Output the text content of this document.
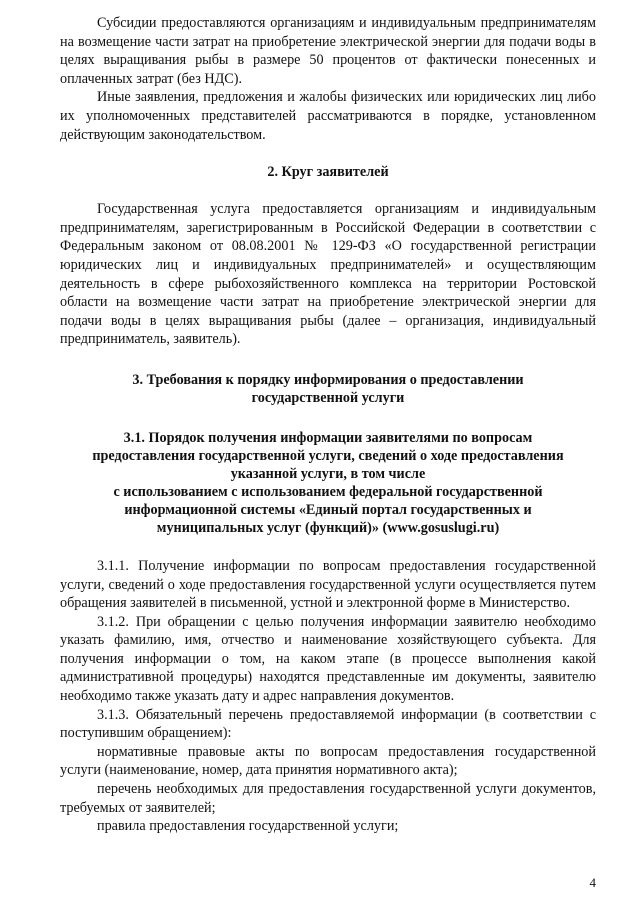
Субсидии предоставляются организациям и индивидуальным предпринимателям на возмещение части затрат на приобретение электрической энергии для подачи воды в целях выращивания рыбы в размере 50 процентов от фактически понесенных и оплаченных затрат (без НДС).

Иные заявления, предложения и жалобы физических или юридических лиц либо их уполномоченных представителей рассматриваются в порядке, установленном действующим законодательством.

2. Круг заявителей

Государственная услуга предоставляется организациям и индивидуальным предпринимателям, зарегистрированным в Российской Федерации в соответствии с Федеральным законом от 08.08.2001 № 129-ФЗ «О государственной регистрации юридических лиц и индивидуальных предпринимателей» и осуществляющим деятельность в сфере рыбохозяйственного комплекса на территории Ростовской области на возмещение части затрат на приобретение электрической энергии для подачи воды в целях выращивания рыбы (далее – организация, индивидуальный предприниматель, заявитель).

3. Требования к порядку информирования о предоставлении
государственной услуги
3.1. Порядок получения информации заявителями по вопросам
предоставления государственной услуги, сведений о ходе предоставления
указанной услуги, в том числе
с использованием с использованием федеральной государственной
информационной системы «Единый портал государственных и
муниципальных услуг (функций)» (www.gosuslugi.ru)

3.1.1. Получение информации по вопросам предоставления государственной услуги, сведений о ходе предоставления государственной услуги осуществляется путем обращения заявителей в письменной, устной и электронной форме в Министерство.

3.1.2. При обращении с целью получения информации заявителю необходимо указать фамилию, имя, отчество и наименование хозяйствующего субъекта. Для получения информации о том, на каком этапе (в процессе выполнения какой административной процедуры) находятся представленные им документы, заявителю необходимо также указать дату и адрес направления документов.

3.1.3. Обязательный перечень предоставляемой информации (в соответствии с поступившим обращением):

нормативные правовые акты по вопросам предоставления государственной услуги (наименование, номер, дата принятия нормативного акта);

перечень необходимых для предоставления государственной услуги документов, требуемых от заявителей;

правила предоставления государственной услуги;

4
